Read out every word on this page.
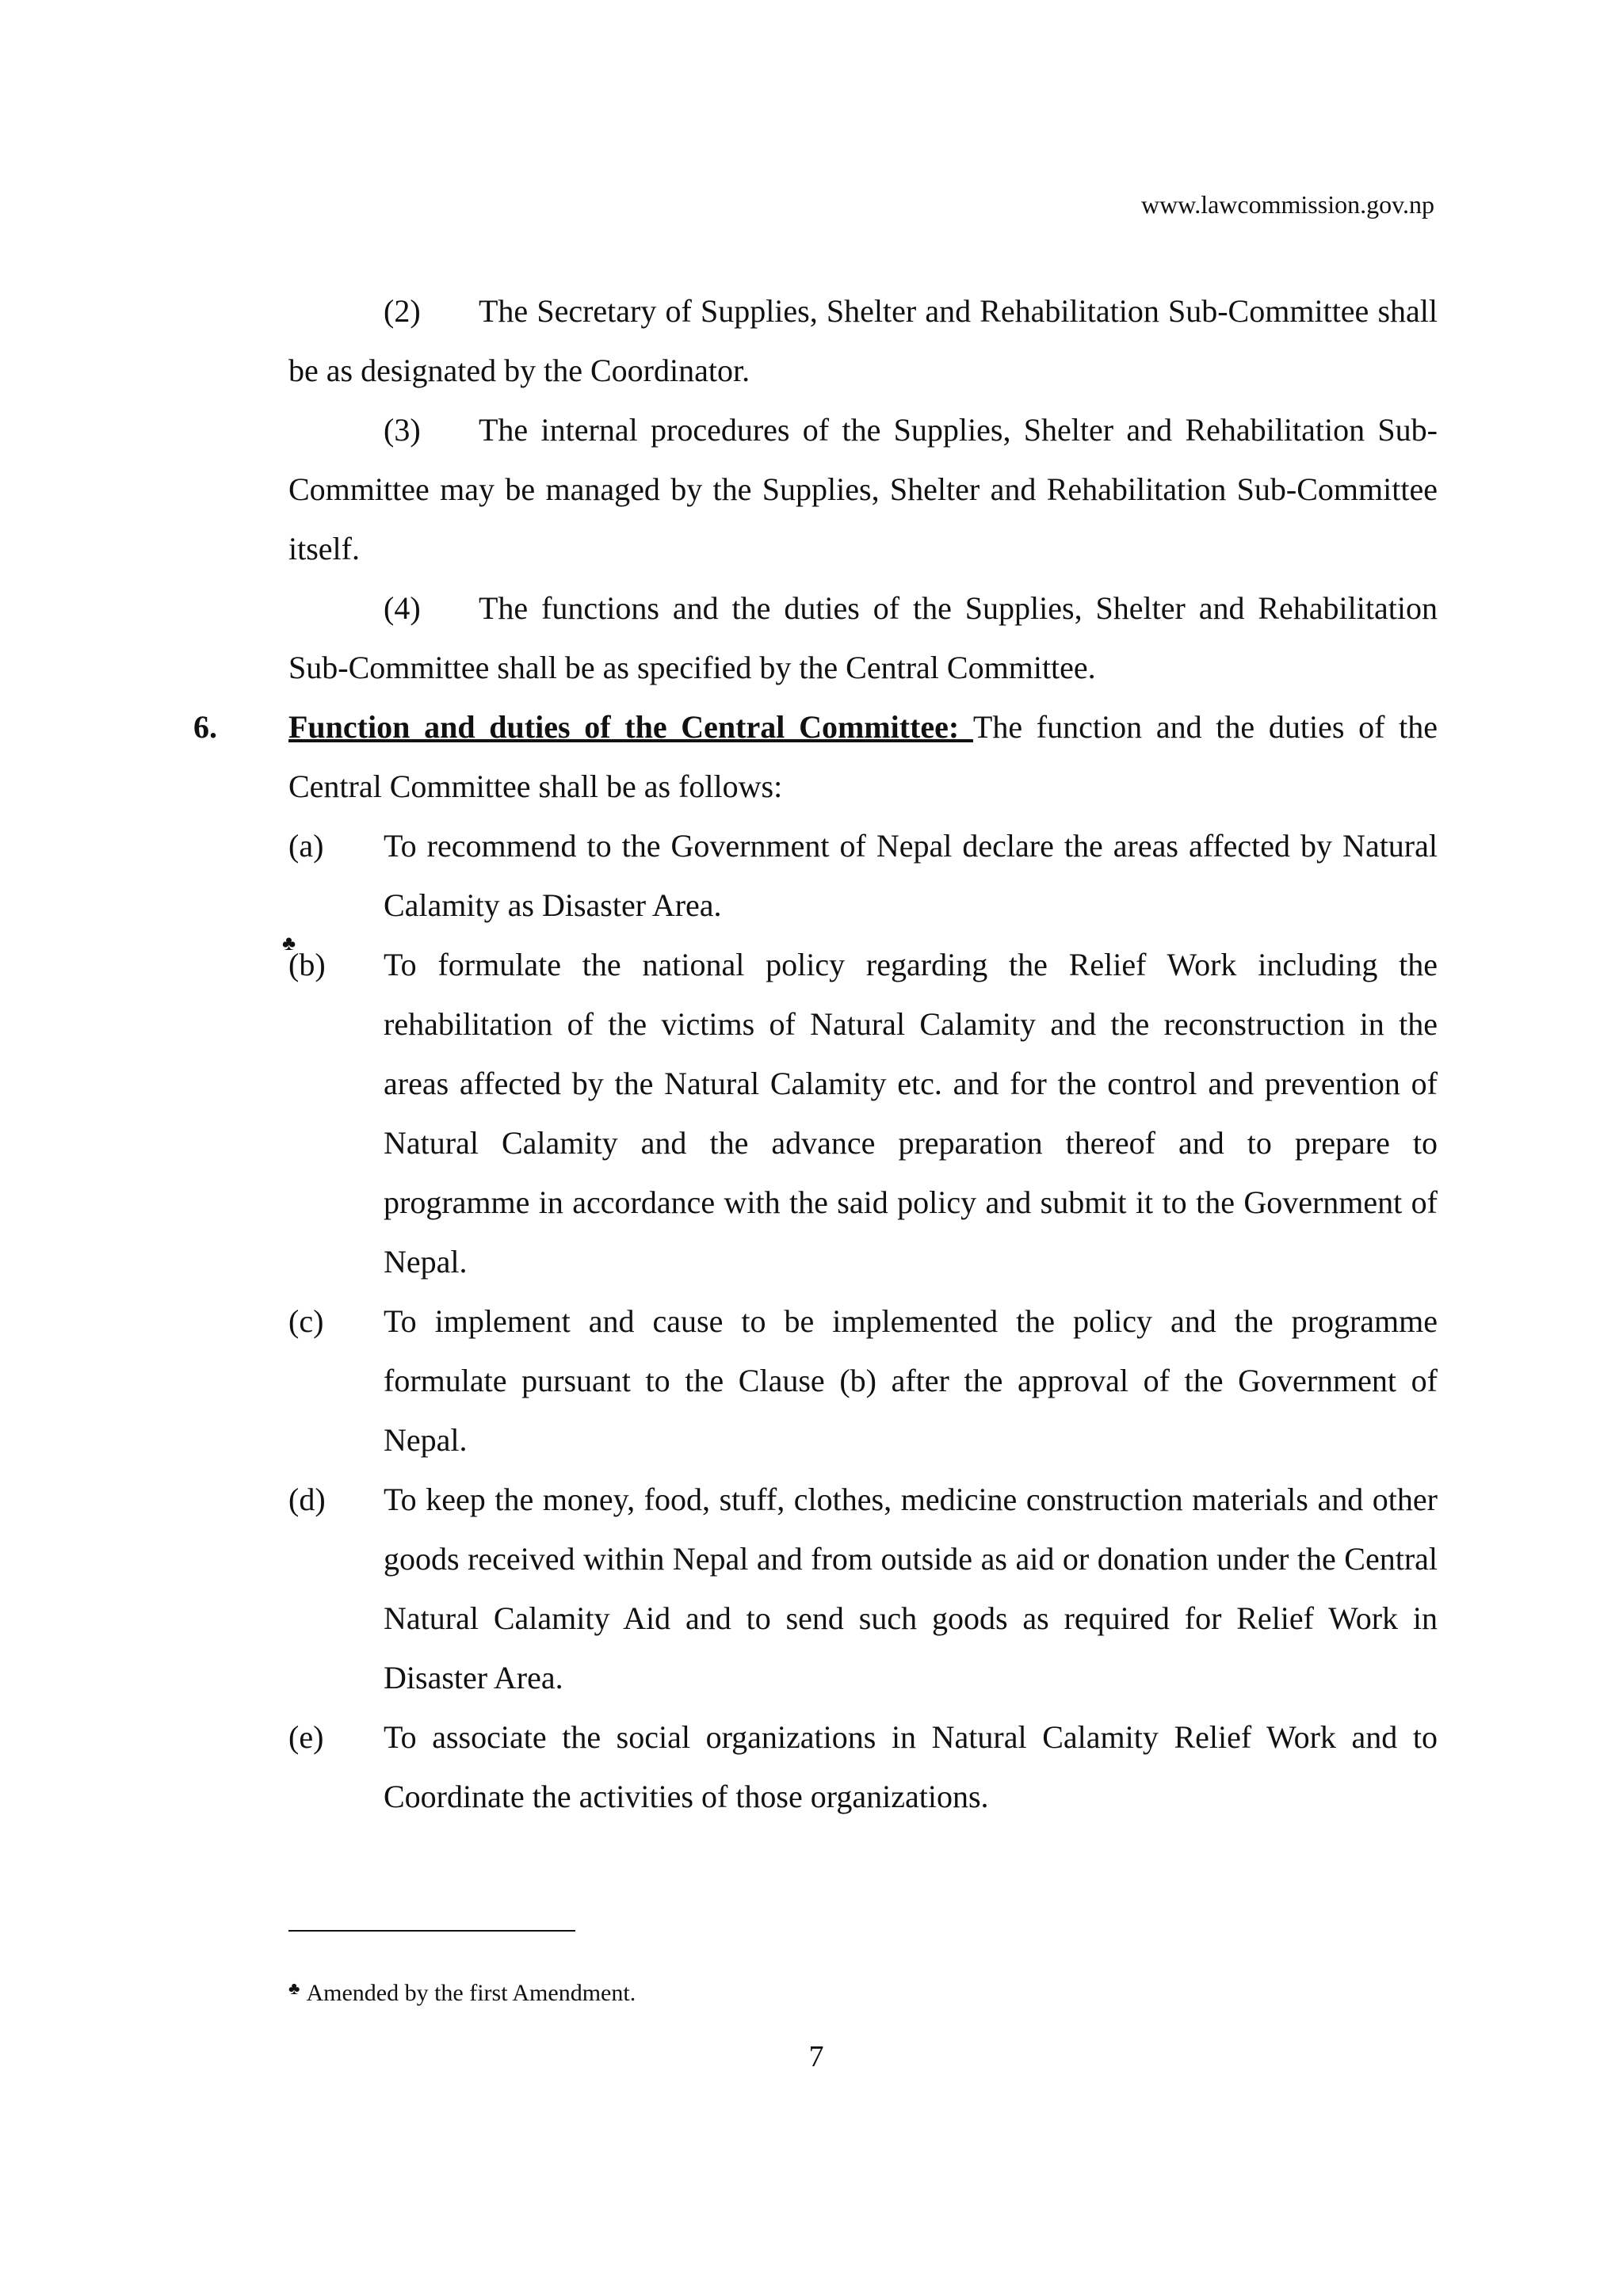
www.lawcommission.gov.np

(2) The Secretary of Supplies, Shelter and Rehabilitation Sub-Committee shall be as designated by the Coordinator.

(3) The internal procedures of the Supplies, Shelter and Rehabilitation Sub-Committee may be managed by the Supplies, Shelter and Rehabilitation Sub-Committee itself.

(4) The functions and the duties of the Supplies, Shelter and Rehabilitation Sub-Committee shall be as specified by the Central Committee.

6. Function and duties of the Central Committee: The function and the duties of the Central Committee shall be as follows:

(a) To recommend to the Government of Nepal declare the areas affected by Natural Calamity as Disaster Area.

♣
(b) To formulate the national policy regarding the Relief Work including the rehabilitation of the victims of Natural Calamity and the reconstruction in the areas affected by the Natural Calamity etc. and for the control and prevention of Natural Calamity and the advance preparation thereof and to prepare to programme in accordance with the said policy and submit it to the Government of Nepal.

(c) To implement and cause to be implemented the policy and the programme formulate pursuant to the Clause (b) after the approval of the Government of Nepal.

(d) To keep the money, food, stuff, clothes, medicine construction materials and other goods received within Nepal and from outside as aid or donation under the Central Natural Calamity Aid and to send such goods as required for Relief Work in Disaster Area.

(e) To associate the social organizations in Natural Calamity Relief Work and to Coordinate the activities of those organizations.

♣ Amended by the first Amendment.
7
